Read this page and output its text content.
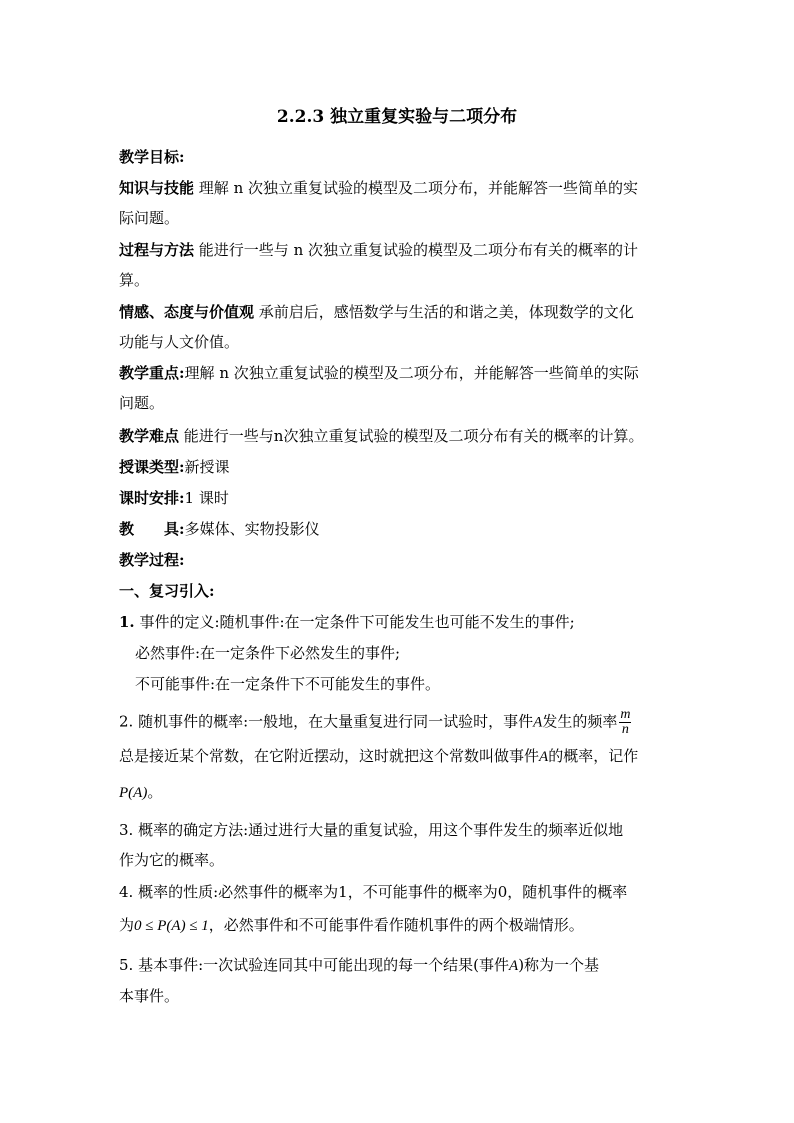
2.2.3 独立重复实验与二项分布
教学目标:
知识与技能 理解 n 次独立重复试验的模型及二项分布，并能解答一些简单的实
际问题。
过程与方法 能进行一些与 n 次独立重复试验的模型及二项分布有关的概率的计
算。
情感、态度与价值观 承前启后，感悟数学与生活的和谐之美，体现数学的文化
功能与人文价值。
教学重点:理解 n 次独立重复试验的模型及二项分布，并能解答一些简单的实际
问题。
教学难点 能进行一些与n次独立重复试验的模型及二项分布有关的概率的计算。
授课类型:新授课
课时安排:1 课时
教 具:多媒体、实物投影仪
教学过程:
一、复习引入:
1. 事件的定义:随机事件:在一定条件下可能发生也可能不发生的事件;
必然事件:在一定条件下必然发生的事件;
不可能事件:在一定条件下不可能发生的事件。
2. 随机事件的概率:一般地，在大量重复进行同一试验时，事件A发生的频率 $\frac{m}{n}$
总是接近某个常数，在它附近摆动，这时就把这个常数叫做事件A的概率，记作
P(A)。
3. 概率的确定方法:通过进行大量的重复试验，用这个事件发生的频率近似地
作为它的概率。
4. 概率的性质:必然事件的概率为1，不可能事件的概率为0，随机事件的概率
为0 ≤ P(A) ≤ 1，必然事件和不可能事件看作随机事件的两个极端情形。
5. 基本事件:一次试验连同其中可能出现的每一个结果(事件A)称为一个基
本事件。
